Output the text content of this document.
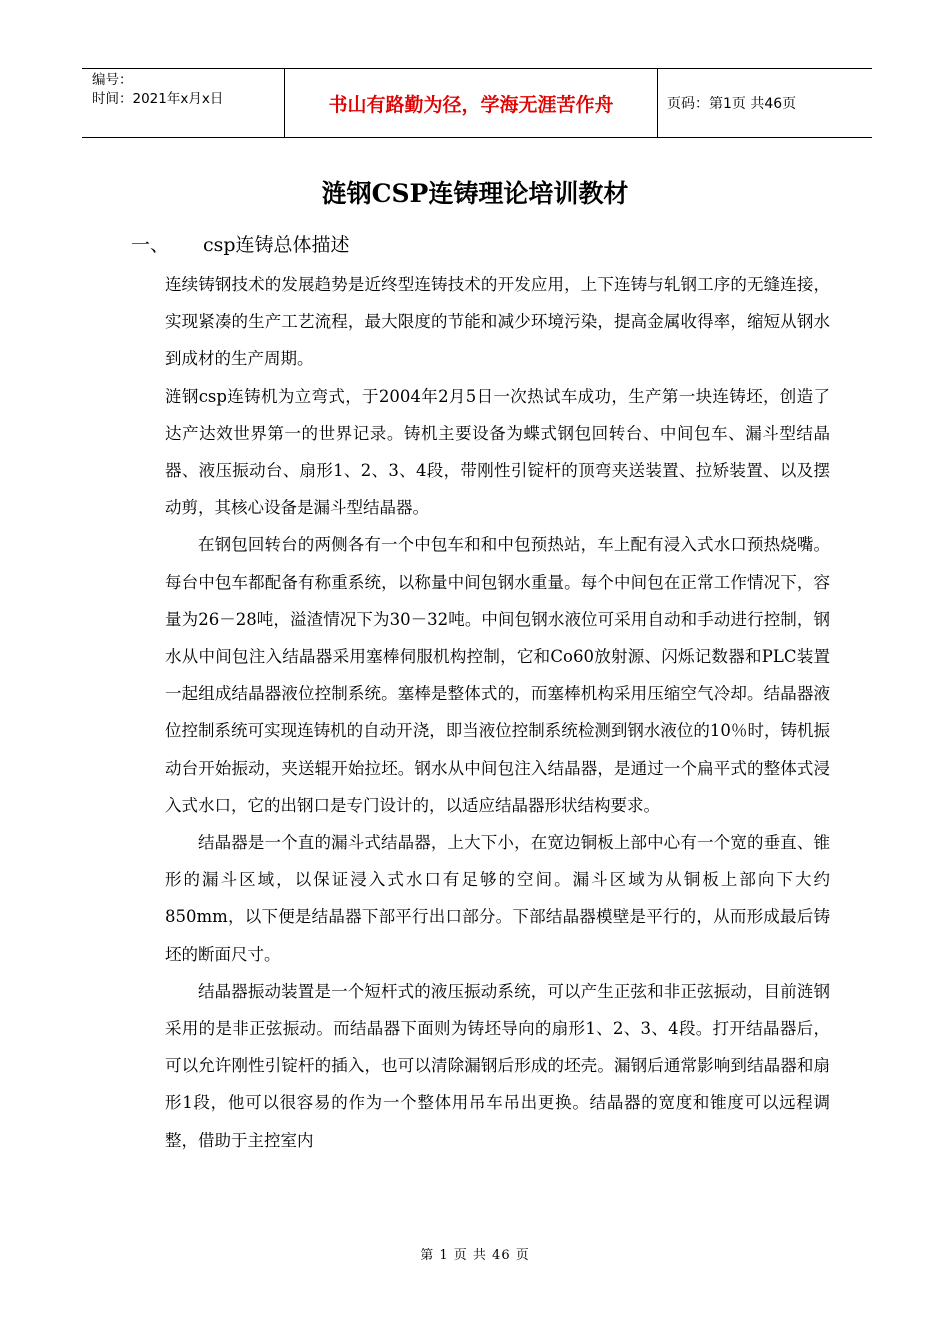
编号：
时间：2021年x月x日	书山有路勤为径，学海无涯苦作舟	页码：第1页 共46页
涟钢CSP连铸理论培训教材
一、 csp连铸总体描述

连续铸钢技术的发展趋势是近终型连铸技术的开发应用，上下连铸与轧钢工序的无缝连接，实现紧凑的生产工艺流程，最大限度的节能和减少环境污染，提高金属收得率，缩短从钢水到成材的生产周期。

涟钢csp连铸机为立弯式，于2004年2月5日一次热试车成功，生产第一块连铸坯，创造了达产达效世界第一的世界记录。铸机主要设备为蝶式钢包回转台、中间包车、漏斗型结晶器、液压振动台、扇形1、2、3、4段，带刚性引锭杆的顶弯夹送装置、拉矫装置、以及摆动剪，其核心设备是漏斗型结晶器。

在钢包回转台的两侧各有一个中包车和和中包预热站，车上配有浸入式水口预热烧嘴。每台中包车都配备有称重系统，以称量中间包钢水重量。每个中间包在正常工作情况下，容量为26－28吨，溢渣情况下为30－32吨。中间包钢水液位可采用自动和手动进行控制，钢水从中间包注入结晶器采用塞棒伺服机构控制，它和Co60放射源、闪烁记数器和PLC装置一起组成结晶器液位控制系统。塞棒是整体式的，而塞棒机构采用压缩空气冷却。结晶器液位控制系统可实现连铸机的自动开浇，即当液位控制系统检测到钢水液位的10％时，铸机振动台开始振动，夹送辊开始拉坯。钢水从中间包注入结晶器，是通过一个扁平式的整体式浸入式水口，它的出钢口是专门设计的，以适应结晶器形状结构要求。

结晶器是一个直的漏斗式结晶器，上大下小，在宽边铜板上部中心有一个宽的垂直、锥形的漏斗区域，以保证浸入式水口有足够的空间。漏斗区域为从铜板上部向下大约850mm，以下便是结晶器下部平行出口部分。下部结晶器模壁是平行的，从而形成最后铸坯的断面尺寸。

结晶器振动装置是一个短杆式的液压振动系统，可以产生正弦和非正弦振动，目前涟钢采用的是非正弦振动。而结晶器下面则为铸坯导向的扇形1、2、3、4段。打开结晶器后，可以允许刚性引锭杆的插入，也可以清除漏钢后形成的坯壳。漏钢后通常影响到结晶器和扇形1段，他可以很容易的作为一个整体用吊车吊出更换。结晶器的宽度和锥度可以远程调整，借助于主控室内

第 1 页 共 46 页
